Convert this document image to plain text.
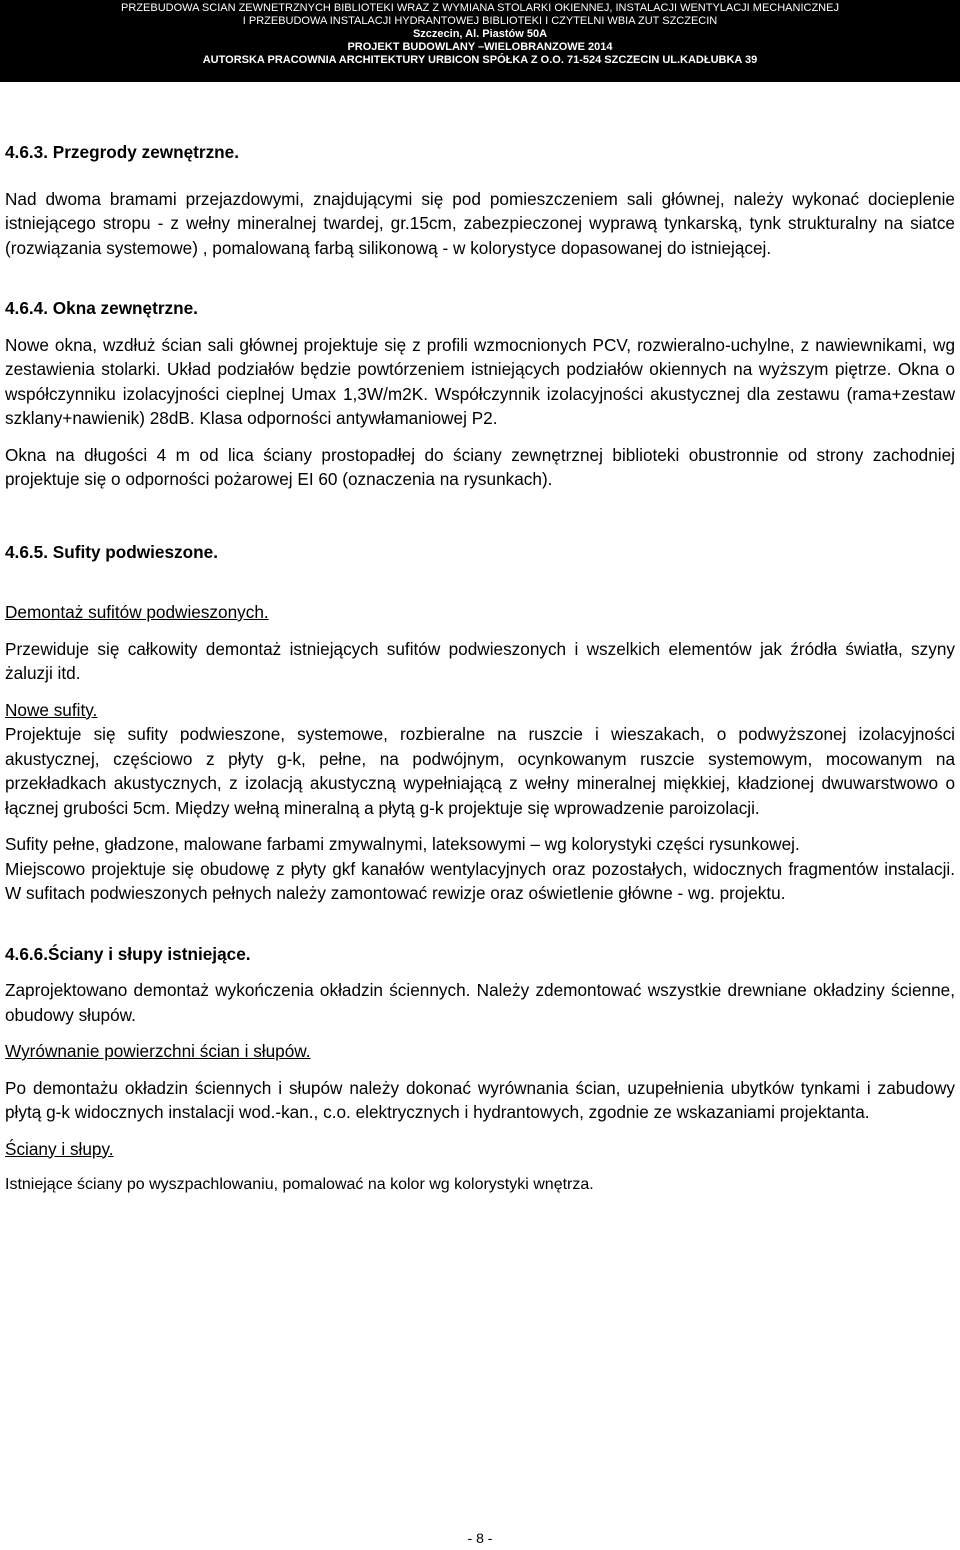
PRZEBUDOWA SCIAN ZEWNETRZNYCH BIBLIOTEKI WRAZ Z WYMIANA STOLARKI OKIENNEJ, INSTALACJI WENTYLACJI MECHANICZNEJ
I PRZEBUDOWA INSTALACJI HYDRANTOWEJ BIBLIOTEKI I CZYTELNI WBIA ZUT SZCZECIN
Szczecin, Al. Piastów 50A
PROJEKT BUDOWLANY –WIELOBRANZOWE 2014
AUTORSKA PRACOWNIA ARCHITEKTURY URBICON SPÓŁKA Z O.O. 71-524 SZCZECIN UL.KADŁUBKA 39

4.6.3. Przegrody zewnętrzne.

Nad dwoma bramami przejazdowymi, znajdującymi się pod pomieszczeniem sali głównej, należy wykonać docieplenie istniejącego stropu - z wełny mineralnej twardej, gr.15cm, zabezpieczonej wyprawą tynkarską, tynk strukturalny na siatce (rozwiązania systemowe) , pomalowaną farbą silikonową - w kolorystyce dopasowanej do istniejącej.

4.6.4. Okna zewnętrzne.

Nowe okna, wzdłuż ścian sali głównej projektuje się z profili wzmocnionych PCV, rozwieralno-uchylne, z nawiewnikami, wg zestawienia stolarki. Układ podziałów będzie powtórzeniem istniejących podziałów okiennych na wyższym piętrze. Okna o współczynniku izolacyjności cieplnej Umax 1,3W/m2K. Współczynnik izolacyjności akustycznej dla zestawu (rama+zestaw szklany+nawienik) 28dB. Klasa odporności antywłamaniowej P2.

Okna na długości 4 m od lica ściany prostopadłej do ściany zewnętrznej biblioteki obustronnie od strony zachodniej projektuje się o odporności pożarowej EI 60 (oznaczenia na rysunkach).

4.6.5. Sufity podwieszone.

Demontaż sufitów podwieszonych.

Przewiduje się całkowity demontaż istniejących sufitów podwieszonych i wszelkich elementów jak źródła światła, szyny żaluzji itd.

Nowe sufity.

Projektuje się sufity podwieszone, systemowe, rozbieralne na ruszcie i wieszakach, o podwyższonej izolacyjności akustycznej, częściowo z płyty g-k, pełne, na podwójnym, ocynkowanym ruszcie systemowym, mocowanym na przekładkach akustycznych, z izolacją akustyczną wypełniającą z wełny mineralnej miękkiej, kładzionej dwuwarstwowo o łącznej grubości 5cm. Między wełną mineralną a płytą g-k projektuje się wprowadzenie paroizolacji.

Sufity pełne, gładzone, malowane farbami zmywalnymi, lateksowymi – wg kolorystyki części rysunkowej.

Miejscowo projektuje się obudowę z płyty gkf kanałów wentylacyjnych oraz pozostałych, widocznych fragmentów instalacji. W sufitach podwieszonych pełnych należy zamontować rewizje oraz oświetlenie główne - wg. projektu.

4.6.6.Ściany i słupy istniejące.

Zaprojektowano demontaż wykończenia okładzin ściennych. Należy zdemontować wszystkie drewniane okładziny ścienne, obudowy słupów.

Wyrównanie powierzchni ścian i słupów.

Po demontażu okładzin ściennych i słupów należy dokonać wyrównania ścian, uzupełnienia ubytków tynkami i zabudowy płytą g-k widocznych instalacji wod.-kan., c.o. elektrycznych i hydrantowych, zgodnie ze wskazaniami projektanta.

Ściany i słupy.

Istniejące ściany po wyszpachlowaniu, pomalować na kolor wg kolorystyki wnętrza.

- 8 -
